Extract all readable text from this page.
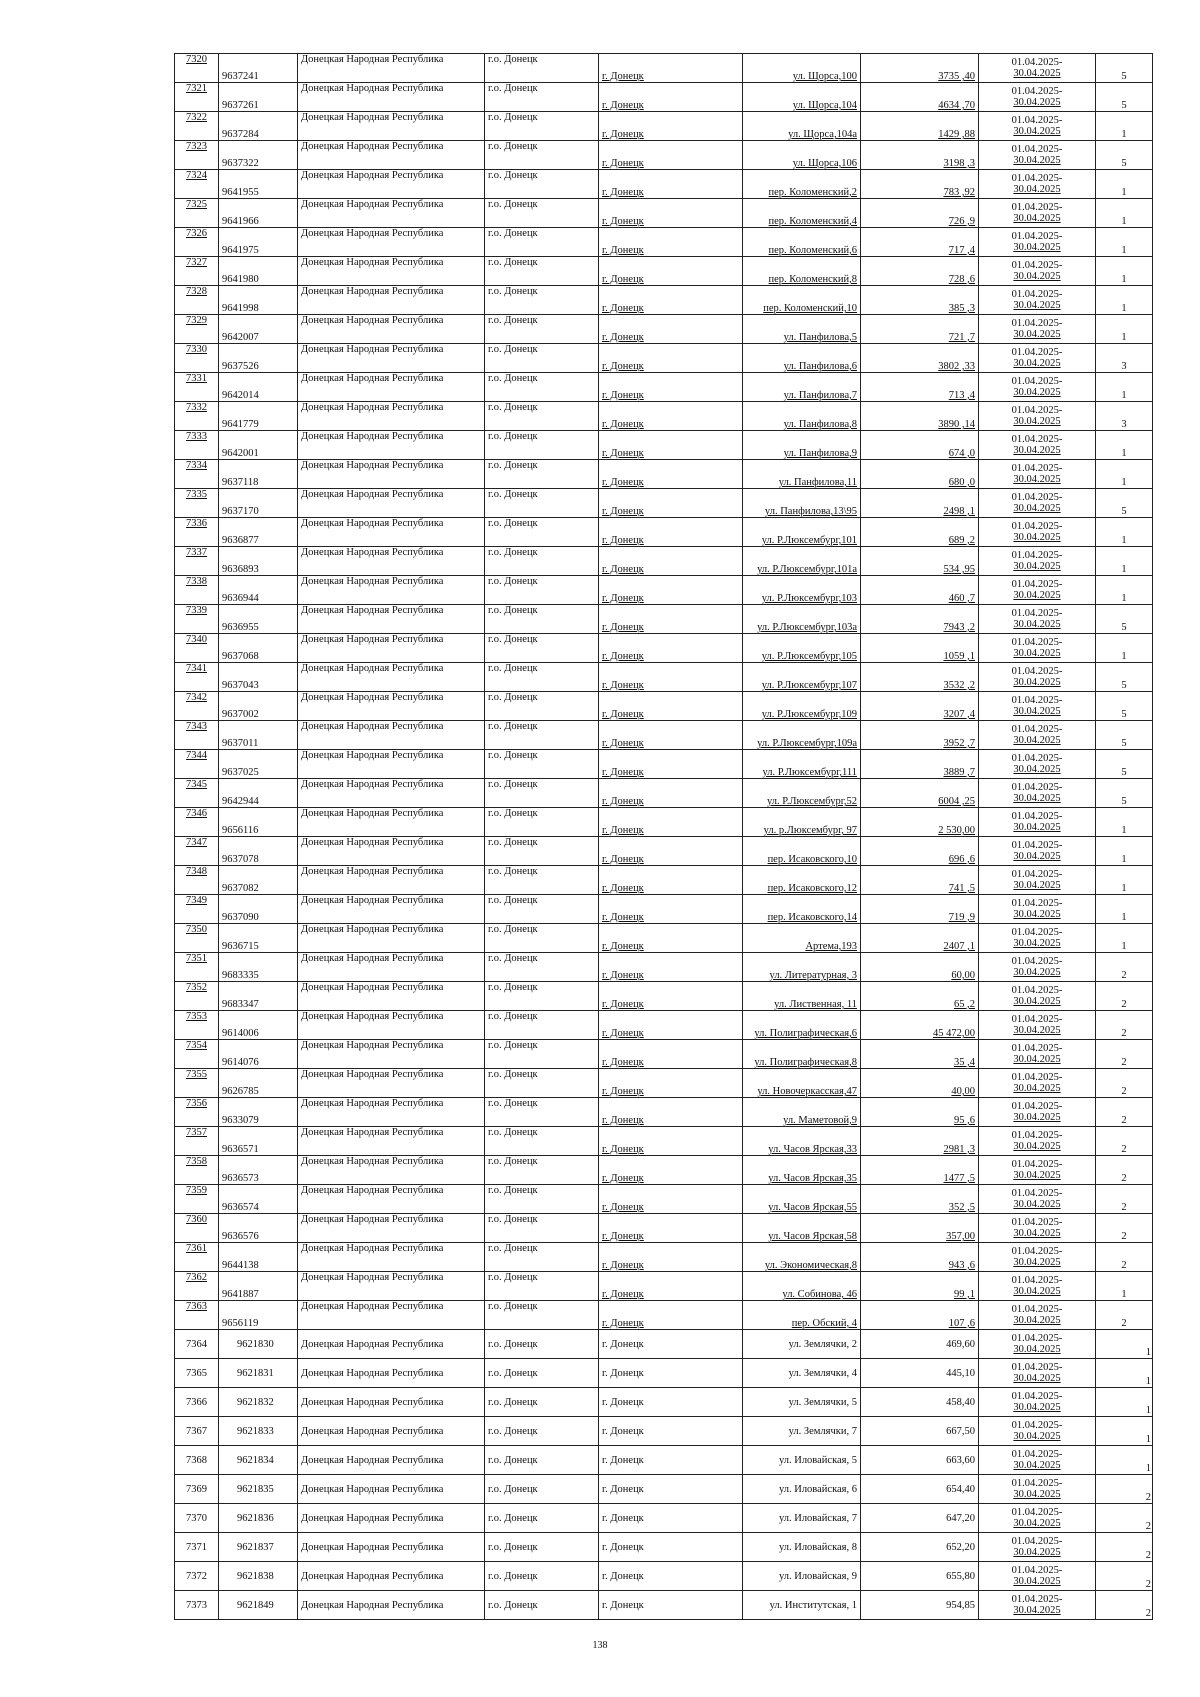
7320	9637241	Донецкая Народная Республика	г.о. Донецк	г. Донецк	ул. Щорса,100	3735 ,40	01.04.2025-
30.04.2025	5
7321	9637261	Донецкая Народная Республика	г.о. Донецк	г. Донецк	ул. Щорса,104	4634 ,70	01.04.2025-
30.04.2025	5
7322	9637284	Донецкая Народная Республика	г.о. Донецк	г. Донецк	ул. Щорса,104а	1429 ,88	01.04.2025-
30.04.2025	1
7323	9637322	Донецкая Народная Республика	г.о. Донецк	г. Донецк	ул. Щорса,106	3198 ,3	01.04.2025-
30.04.2025	5
7324	9641955	Донецкая Народная Республика	г.о. Донецк	г. Донецк	пер. Коломенский,2	783 ,92	01.04.2025-
30.04.2025	1
7325	9641966	Донецкая Народная Республика	г.о. Донецк	г. Донецк	пер. Коломенский,4	726 ,9	01.04.2025-
30.04.2025	1
7326	9641975	Донецкая Народная Республика	г.о. Донецк	г. Донецк	пер. Коломенский,6	717 ,4	01.04.2025-
30.04.2025	1
7327	9641980	Донецкая Народная Республика	г.о. Донецк	г. Донецк	пер. Коломенский,8	728 ,6	01.04.2025-
30.04.2025	1
7328	9641998	Донецкая Народная Республика	г.о. Донецк	г. Донецк	пер. Коломенский,10	385 ,3	01.04.2025-
30.04.2025	1
7329	9642007	Донецкая Народная Республика	г.о. Донецк	г. Донецк	ул. Панфилова,5	721 ,7	01.04.2025-
30.04.2025	1
7330	9637526	Донецкая Народная Республика	г.о. Донецк	г. Донецк	ул. Панфилова,6	3802 ,33	01.04.2025-
30.04.2025	3
7331	9642014	Донецкая Народная Республика	г.о. Донецк	г. Донецк	ул. Панфилова,7	713 ,4	01.04.2025-
30.04.2025	1
7332	9641779	Донецкая Народная Республика	г.о. Донецк	г. Донецк	ул. Панфилова,8	3890 ,14	01.04.2025-
30.04.2025	3
7333	9642001	Донецкая Народная Республика	г.о. Донецк	г. Донецк	ул. Панфилова,9	674 ,0	01.04.2025-
30.04.2025	1
7334	9637118	Донецкая Народная Республика	г.о. Донецк	г. Донецк	ул. Панфилова,11	680 ,0	01.04.2025-
30.04.2025	1
7335	9637170	Донецкая Народная Республика	г.о. Донецк	г. Донецк	ул. Панфилова,13\95	2498 ,1	01.04.2025-
30.04.2025	5
7336	9636877	Донецкая Народная Республика	г.о. Донецк	г. Донецк	ул. Р.Люксембург,101	689 ,2	01.04.2025-
30.04.2025	1
7337	9636893	Донецкая Народная Республика	г.о. Донецк	г. Донецк	ул. Р.Люксембург,101а	534 ,95	01.04.2025-
30.04.2025	1
7338	9636944	Донецкая Народная Республика	г.о. Донецк	г. Донецк	ул. Р.Люксембург,103	460 ,7	01.04.2025-
30.04.2025	1
7339	9636955	Донецкая Народная Республика	г.о. Донецк	г. Донецк	ул. Р.Люксембург,103а	7943 ,2	01.04.2025-
30.04.2025	5
7340	9637068	Донецкая Народная Республика	г.о. Донецк	г. Донецк	ул. Р.Люксембург,105	1059 ,1	01.04.2025-
30.04.2025	1
7341	9637043	Донецкая Народная Республика	г.о. Донецк	г. Донецк	ул. Р.Люксембург,107	3532 ,2	01.04.2025-
30.04.2025	5
7342	9637002	Донецкая Народная Республика	г.о. Донецк	г. Донецк	ул. Р.Люксембург,109	3207 ,4	01.04.2025-
30.04.2025	5
7343	9637011	Донецкая Народная Республика	г.о. Донецк	г. Донецк	ул. Р.Люксембург,109а	3952 ,7	01.04.2025-
30.04.2025	5
7344	9637025	Донецкая Народная Республика	г.о. Донецк	г. Донецк	ул. Р.Люксембург,111	3889 ,7	01.04.2025-
30.04.2025	5
7345	9642944	Донецкая Народная Республика	г.о. Донецк	г. Донецк	ул. Р.Люксембург,52	6004 ,25	01.04.2025-
30.04.2025	5
7346	9656116	Донецкая Народная Республика	г.о. Донецк	г. Донецк	ул. р.Люксембург, 97	2 530,00	01.04.2025-
30.04.2025	1
7347	9637078	Донецкая Народная Республика	г.о. Донецк	г. Донецк	пер. Исаковского,10	696 ,6	01.04.2025-
30.04.2025	1
7348	9637082	Донецкая Народная Республика	г.о. Донецк	г. Донецк	пер. Исаковского,12	741 ,5	01.04.2025-
30.04.2025	1
7349	9637090	Донецкая Народная Республика	г.о. Донецк	г. Донецк	пер. Исаковского,14	719 ,9	01.04.2025-
30.04.2025	1
7350	9636715	Донецкая Народная Республика	г.о. Донецк	г. Донецк	Артема,193	2407 ,1	01.04.2025-
30.04.2025	1
7351	9683335	Донецкая Народная Республика	г.о. Донецк	г. Донецк	ул. Литературная, 3	60,00	01.04.2025-
30.04.2025	2
7352	9683347	Донецкая Народная Республика	г.о. Донецк	г. Донецк	ул. Лиственная, 11	65 ,2	01.04.2025-
30.04.2025	2
7353	9614006	Донецкая Народная Республика	г.о. Донецк	г. Донецк	ул. Полиграфическая,6	45 472,00	01.04.2025-
30.04.2025	2
7354	9614076	Донецкая Народная Республика	г.о. Донецк	г. Донецк	ул. Полиграфическая,8	35 ,4	01.04.2025-
30.04.2025	2
7355	9626785	Донецкая Народная Республика	г.о. Донецк	г. Донецк	ул. Новочеркасская,47	40,00	01.04.2025-
30.04.2025	2
7356	9633079	Донецкая Народная Республика	г.о. Донецк	г. Донецк	ул. Маметовой,9	95 ,6	01.04.2025-
30.04.2025	2
7357	9636571	Донецкая Народная Республика	г.о. Донецк	г. Донецк	ул. Часов Ярская,33	2981 ,3	01.04.2025-
30.04.2025	2
7358	9636573	Донецкая Народная Республика	г.о. Донецк	г. Донецк	ул. Часов Ярская,35	1477 ,5	01.04.2025-
30.04.2025	2
7359	9636574	Донецкая Народная Республика	г.о. Донецк	г. Донецк	ул. Часов Ярская,55	352 ,5	01.04.2025-
30.04.2025	2
7360	9636576	Донецкая Народная Республика	г.о. Донецк	г. Донецк	ул. Часов Ярская,58	357,00	01.04.2025-
30.04.2025	2
7361	9644138	Донецкая Народная Республика	г.о. Донецк	г. Донецк	ул. Экономическая,8	943 ,6	01.04.2025-
30.04.2025	2
7362	9641887	Донецкая Народная Республика	г.о. Донецк	г. Донецк	ул. Собинова, 46	99 ,1	01.04.2025-
30.04.2025	1
7363	9656119	Донецкая Народная Республика	г.о. Донецк	г. Донецк	пер. Обский, 4	107 ,6	01.04.2025-
30.04.2025	2
7364	9621830	Донецкая Народная Республика	г.о. Донецк	г. Донецк	ул. Землячки, 2	469,60	01.04.2025-
30.04.2025	1
7365	9621831	Донецкая Народная Республика	г.о. Донецк	г. Донецк	ул. Землячки, 4	445,10	01.04.2025-
30.04.2025	1
7366	9621832	Донецкая Народная Республика	г.о. Донецк	г. Донецк	ул. Землячки, 5	458,40	01.04.2025-
30.04.2025	1
7367	9621833	Донецкая Народная Республика	г.о. Донецк	г. Донецк	ул. Землячки, 7	667,50	01.04.2025-
30.04.2025	1
7368	9621834	Донецкая Народная Республика	г.о. Донецк	г. Донецк	ул. Иловайская, 5	663,60	01.04.2025-
30.04.2025	1
7369	9621835	Донецкая Народная Республика	г.о. Донецк	г. Донецк	ул. Иловайская, 6	654,40	01.04.2025-
30.04.2025	2
7370	9621836	Донецкая Народная Республика	г.о. Донецк	г. Донецк	ул. Иловайская, 7	647,20	01.04.2025-
30.04.2025	2
7371	9621837	Донецкая Народная Республика	г.о. Донецк	г. Донецк	ул. Иловайская, 8	652,20	01.04.2025-
30.04.2025	2
7372	9621838	Донецкая Народная Республика	г.о. Донецк	г. Донецк	ул. Иловайская, 9	655,80	01.04.2025-
30.04.2025	2
7373	9621849	Донецкая Народная Республика	г.о. Донецк	г. Донецк	ул. Институтская, 1	954,85	01.04.2025-
30.04.2025	2
138
